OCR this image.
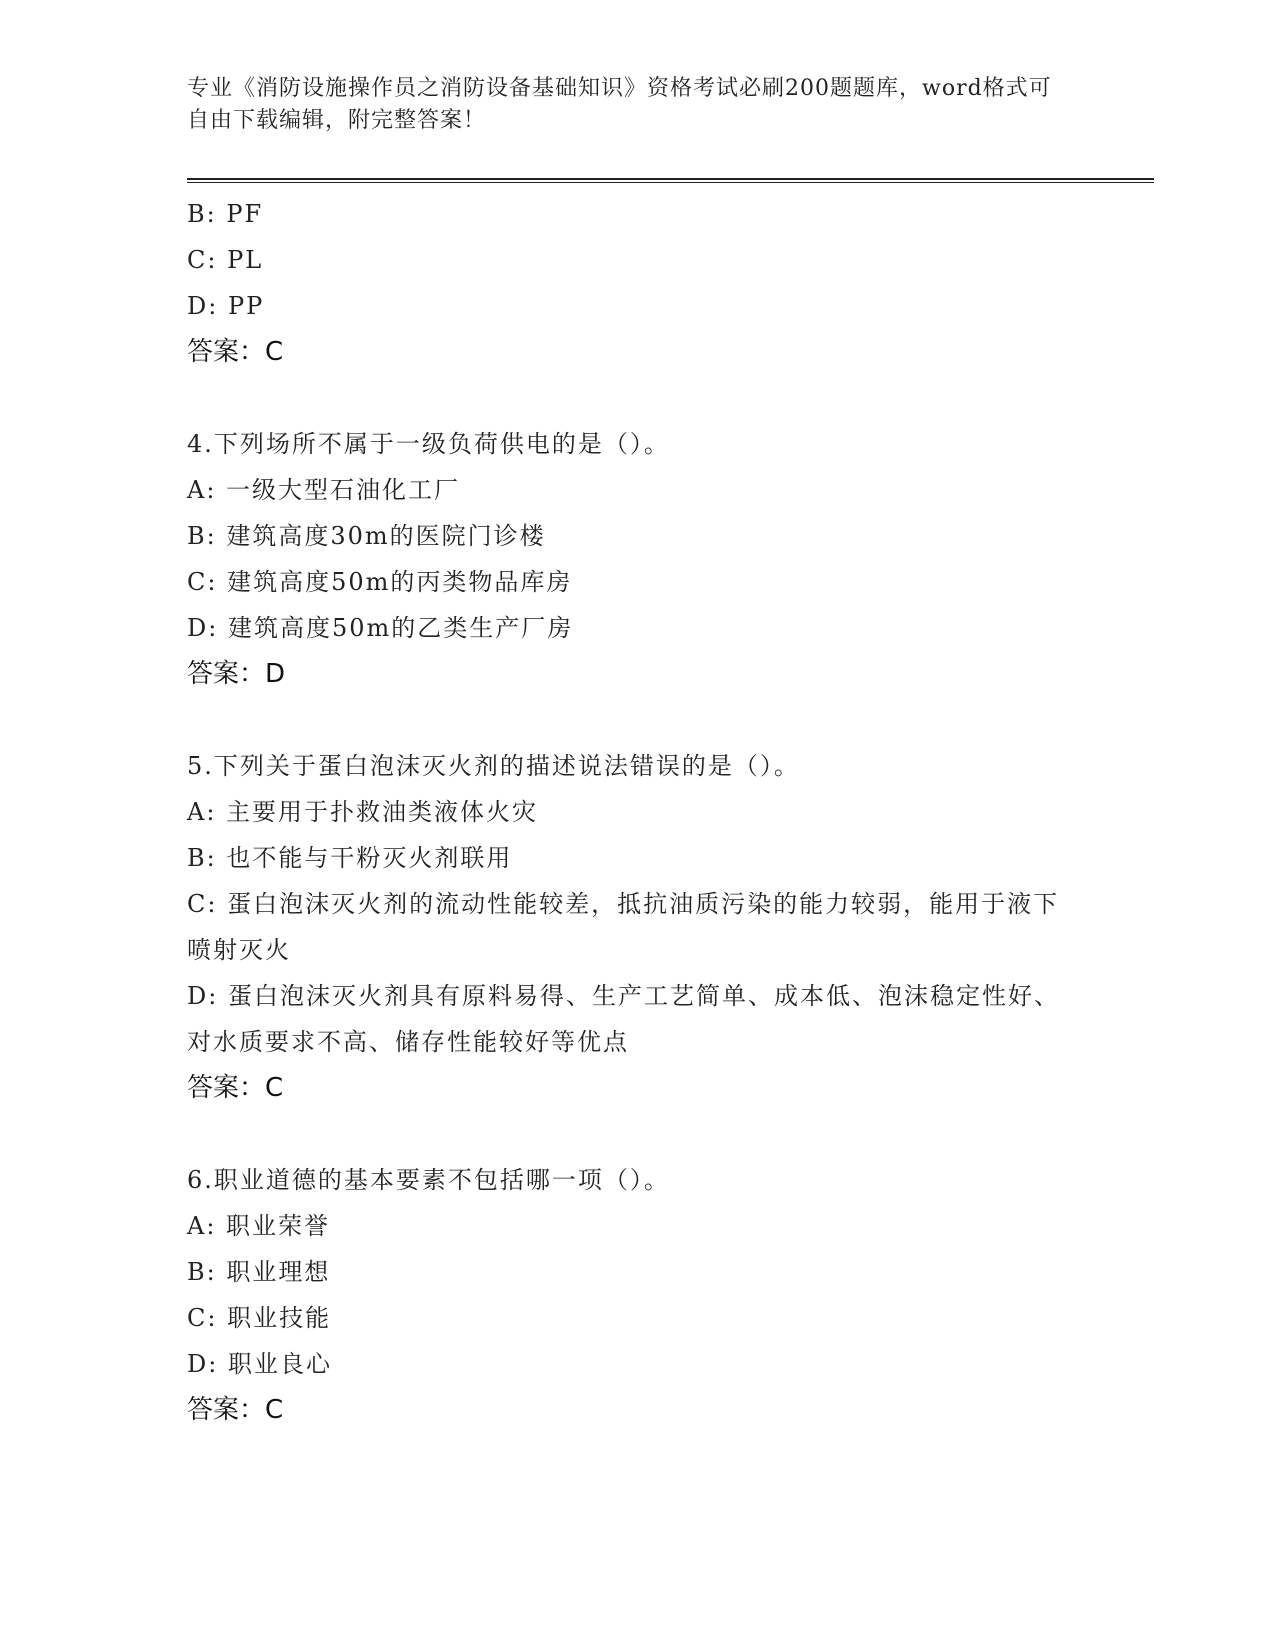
专业《消防设施操作员之消防设备基础知识》资格考试必刷200题题库，word格式可自由下载编辑，附完整答案！
B: PF
C: PL
D: PP
答案：C
4.下列场所不属于一级负荷供电的是（）。
A: 一级大型石油化工厂
B: 建筑高度30m的医院门诊楼
C: 建筑高度50m的丙类物品库房
D: 建筑高度50m的乙类生产厂房
答案：D
5.下列关于蛋白泡沫灭火剂的描述说法错误的是（）。
A: 主要用于扑救油类液体火灾
B: 也不能与干粉灭火剂联用
C: 蛋白泡沫灭火剂的流动性能较差，抵抗油质污染的能力较弱，能用于液下喷射灭火
D: 蛋白泡沫灭火剂具有原料易得、生产工艺简单、成本低、泡沫稳定性好、对水质要求不高、储存性能较好等优点
答案：C
6.职业道德的基本要素不包括哪一项（）。
A: 职业荣誉
B: 职业理想
C: 职业技能
D: 职业良心
答案：C
